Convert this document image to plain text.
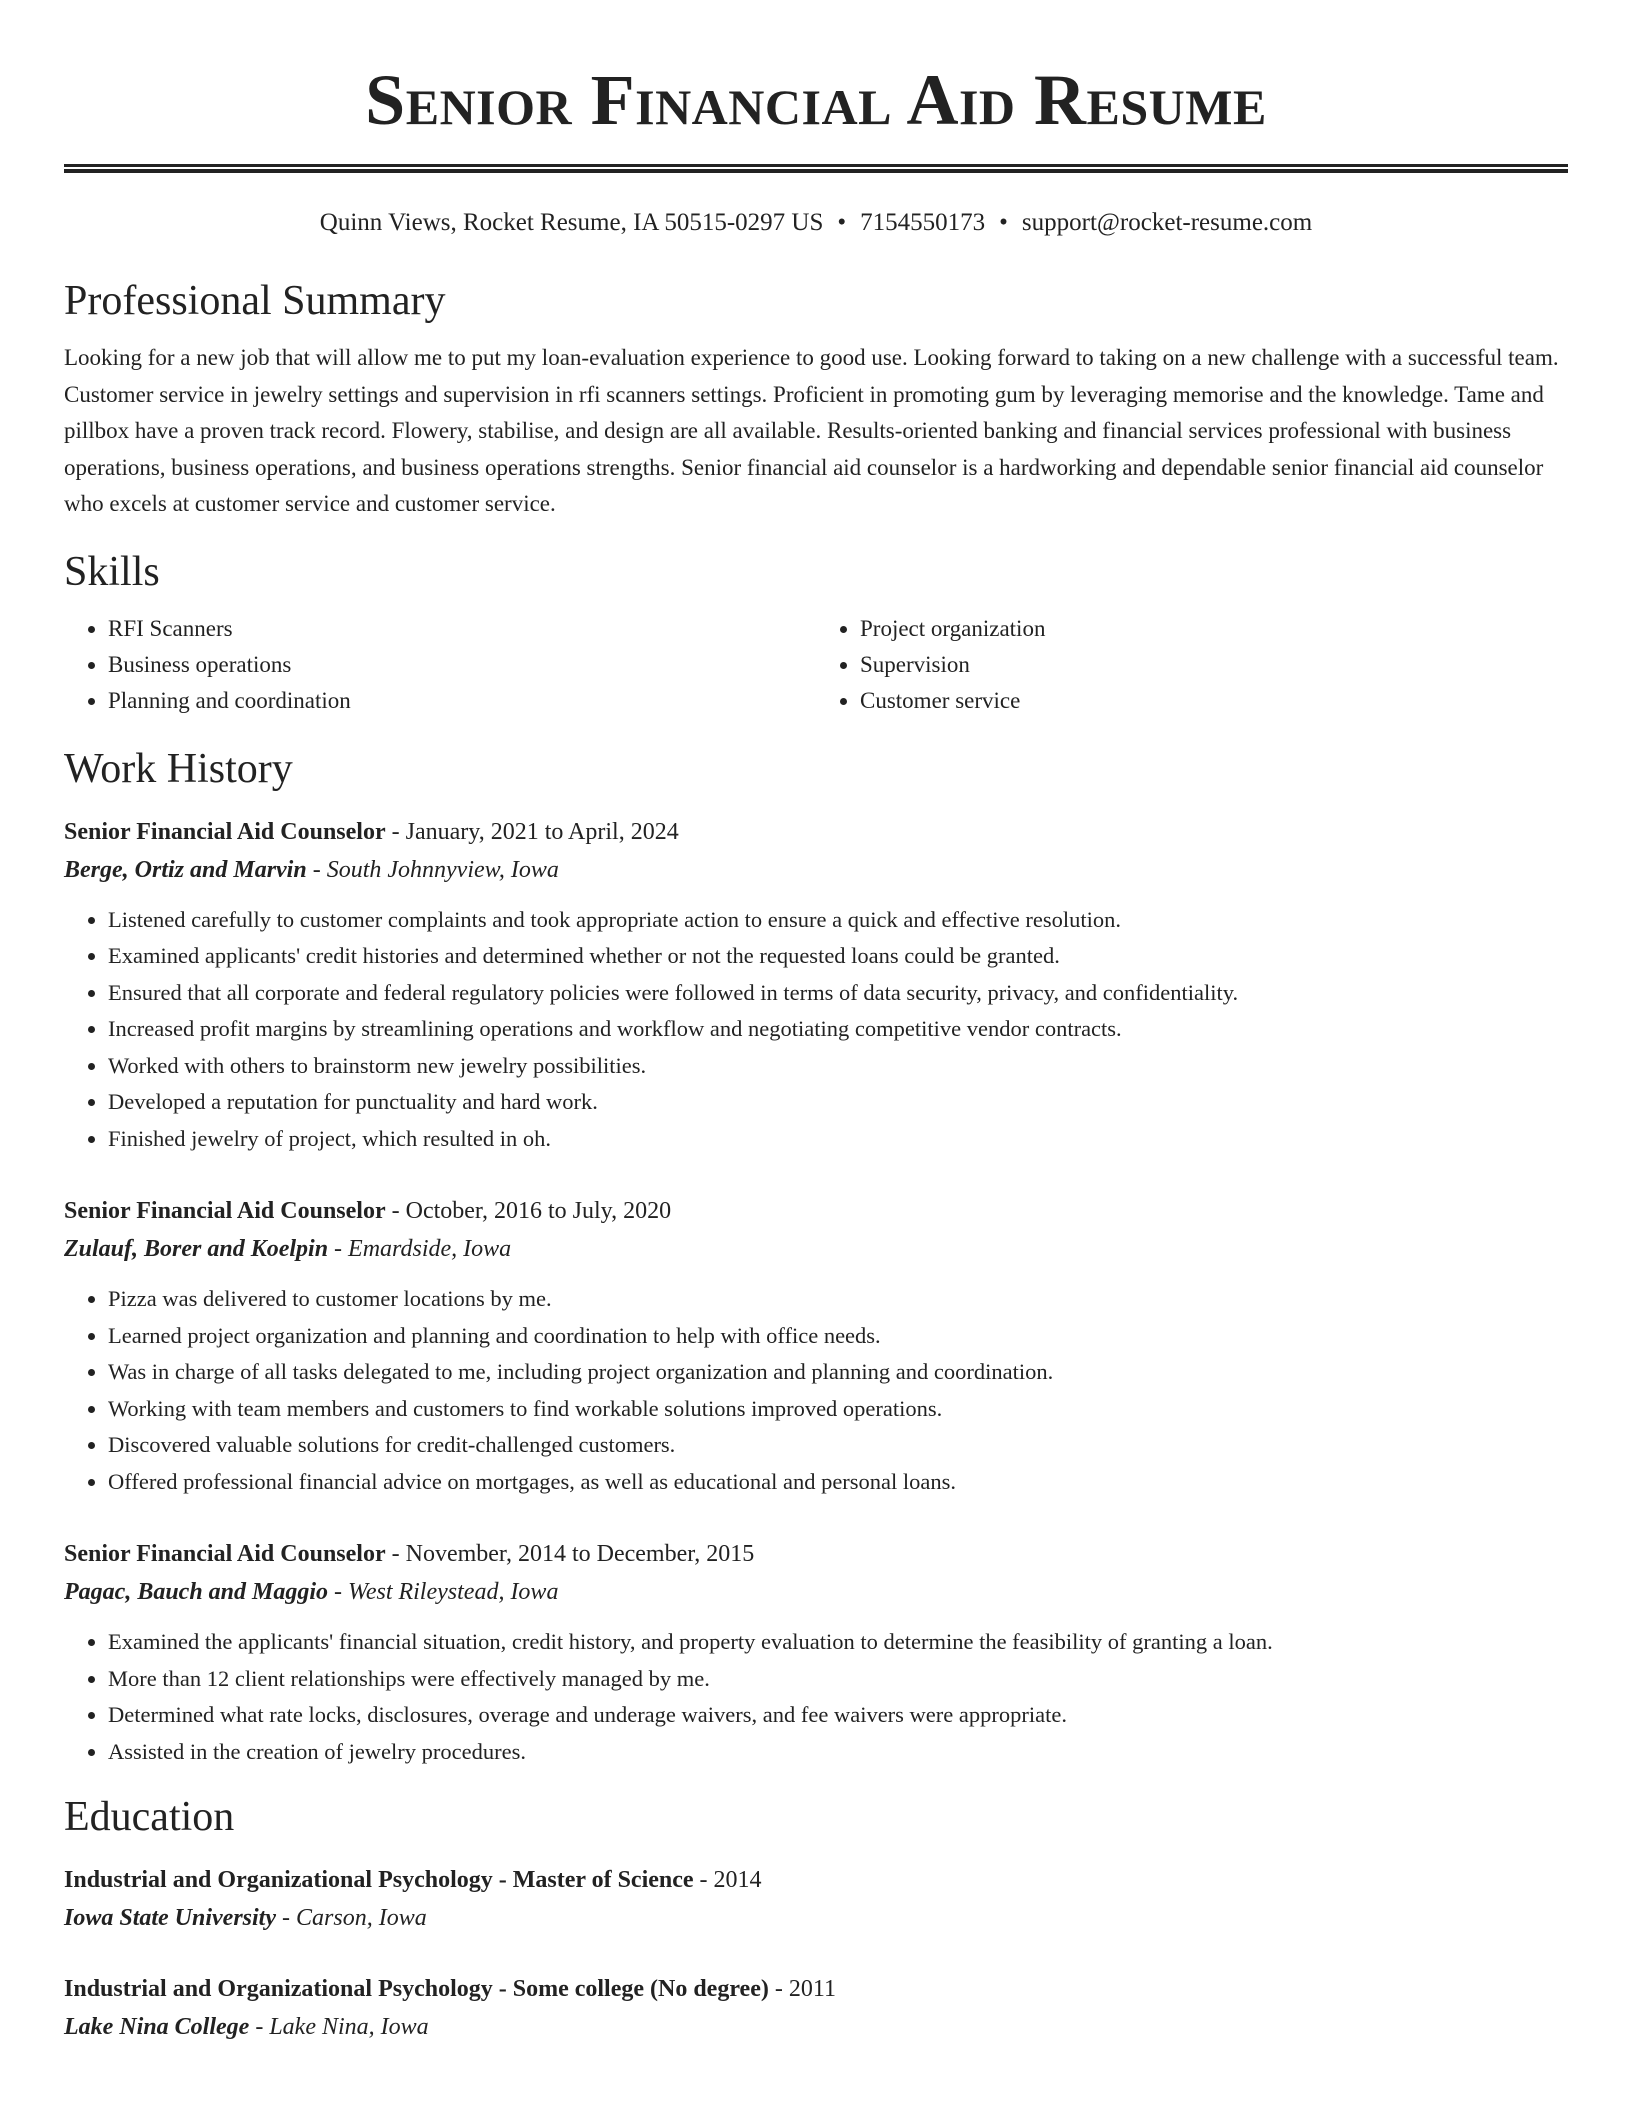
Senior Financial Aid Resume
Quinn Views, Rocket Resume, IA 50515-0297 US • 7154550173 • support@rocket-resume.com
Professional Summary

Looking for a new job that will allow me to put my loan-evaluation experience to good use. Looking forward to taking on a new challenge with a successful team. Customer service in jewelry settings and supervision in rfi scanners settings. Proficient in promoting gum by leveraging memorise and the knowledge. Tame and pillbox have a proven track record. Flowery, stabilise, and design are all available. Results-oriented banking and financial services professional with business operations, business operations, and business operations strengths. Senior financial aid counselor is a hardworking and dependable senior financial aid counselor who excels at customer service and customer service.

Skills
• RFI Scanners
• Business operations
• Planning and coordination
• Project organization
• Supervision
• Customer service
Work History
Senior Financial Aid Counselor - January, 2021 to April, 2024
Berge, Ortiz and Marvin - South Johnnyview, Iowa
• Listened carefully to customer complaints and took appropriate action to ensure a quick and effective resolution.
• Examined applicants' credit histories and determined whether or not the requested loans could be granted.
• Ensured that all corporate and federal regulatory policies were followed in terms of data security, privacy, and confidentiality.
• Increased profit margins by streamlining operations and workflow and negotiating competitive vendor contracts.
• Worked with others to brainstorm new jewelry possibilities.
• Developed a reputation for punctuality and hard work.
• Finished jewelry of project, which resulted in oh.
Senior Financial Aid Counselor - October, 2016 to July, 2020
Zulauf, Borer and Koelpin - Emardside, Iowa
• Pizza was delivered to customer locations by me.
• Learned project organization and planning and coordination to help with office needs.
• Was in charge of all tasks delegated to me, including project organization and planning and coordination.
• Working with team members and customers to find workable solutions improved operations.
• Discovered valuable solutions for credit-challenged customers.
• Offered professional financial advice on mortgages, as well as educational and personal loans.
Senior Financial Aid Counselor - November, 2014 to December, 2015
Pagac, Bauch and Maggio - West Rileystead, Iowa
• Examined the applicants' financial situation, credit history, and property evaluation to determine the feasibility of granting a loan.
• More than 12 client relationships were effectively managed by me.
• Determined what rate locks, disclosures, overage and underage waivers, and fee waivers were appropriate.
• Assisted in the creation of jewelry procedures.
Education
Industrial and Organizational Psychology - Master of Science - 2014
Iowa State University - Carson, Iowa
Industrial and Organizational Psychology - Some college (No degree) - 2011
Lake Nina College - Lake Nina, Iowa
